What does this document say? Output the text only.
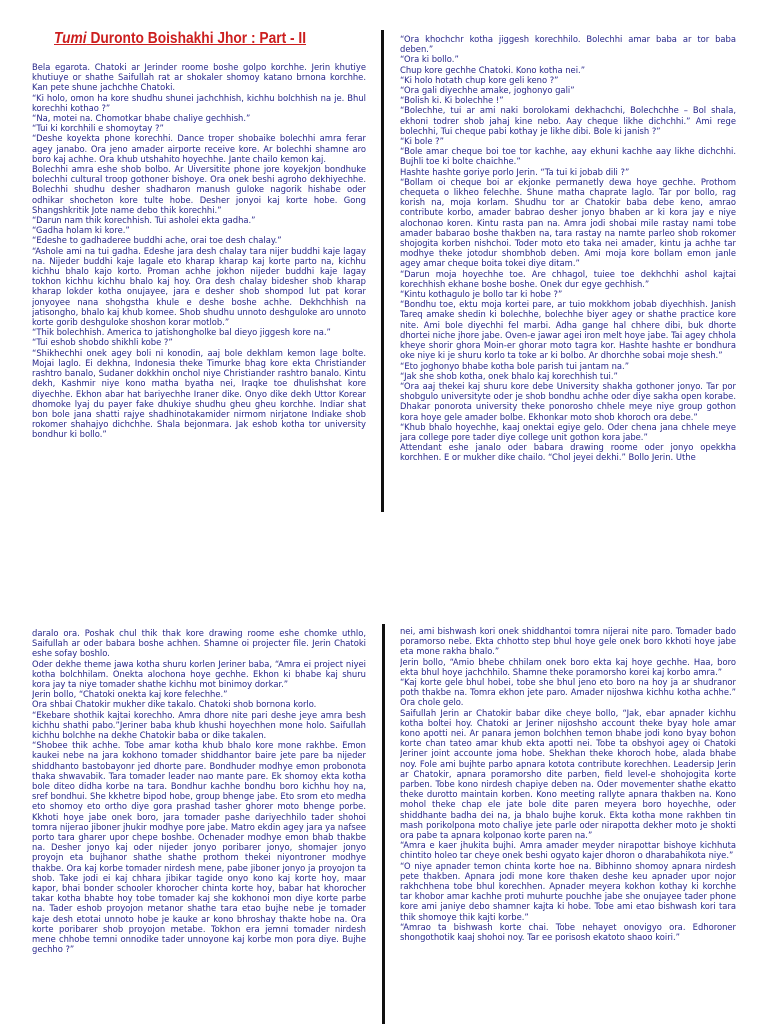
Tumi Duronto Boishakhi Jhor : Part - II

Bela egarota. Chatoki ar Jerinder roome boshe golpo korchhe. Jerin khutiye khutiuye or shathe Saifullah rat ar shokaler shomoy katano brnona korchhe. Kan pete shune jachchhe Chatoki.

“Ki holo, omon ha kore shudhu shunei jachchhish, kichhu bolchhish na je. Bhul korechhi kothao ?”

“Na, motei na. Chomotkar bhabe chaliye gechhish.”

“Tui ki korchhili e shomoytay ?”

“Deshe koyekta phone korechhi. Dance troper shobaike bolechhi amra ferar agey janabo. Ora jeno amader airporte receive kore. Ar bolechhi shamne aro boro kaj achhe. Ora khub utshahito hoyechhe. Jante chailo kemon kaj.

Bolechhi amra eshe shob bolbo. Ar Uiversitite phone jore koyekjon bondhuke bolechhi cultural troop gothoner bishoye. Ora onek beshi agroho dekhiyechhe. Bolechhi shudhu desher shadharon manush guloke nagorik hishabe oder odhikar shocheton kore tulte hobe. Desher jonyoi kaj korte hobe. Gong Shangshkritik Jote name debo thik korechhi.”

“Darun nam thik korechhish. Tui asholei ekta gadha.”

“Gadha holam ki kore.”

“Edeshe to gadhaderee buddhi ache, orai toe desh chalay.”

“Ashole ami na tui gadha. Edeshe jara desh chalay tara nijer buddhi kaje lagay na. Nijeder buddhi kaje lagale eto kharap kharap kaj korte parto na, kichhu kichhu bhalo kajo korto. Proman achhe jokhon nijeder buddhi kaje lagay tokhon kichhu kichhu bhalo kaj hoy. Ora desh chalay bidesher shob kharap kharap lokder kotha onujayee, jara e desher shob shompod lut pat korar jonyoyee nana shohgstha khule e deshe boshe achhe. Dekhchhish na jatisongho, bhalo kaj khub komee. Shob shudhu unnoto deshguloke aro unnoto korte gorib deshguloke shoshon korar motlob.”

“Thik bolechhish. America to jatishongholke bal dieyo jiggesh kore na.”

“Tui eshob shobdo shikhli kobe ?”

“Shikhechhi onek agey boli ni konodin, aaj bole dekhlam kemon lage bolte. Mojai laglo. Ei dekhna, Indonesia theke Timurke bhag kore ekta Christiander rashtro banalo, Sudaner dokkhin onchol niye Christiander rashtro banalo. Kintu dekh, Kashmir niye kono matha byatha nei, Iraqke toe dhulishshat kore diyechhe. Ekhon abar hat bariyechhe Iraner dike. Onyo dike dekh Uttor Korear dhomoke lyaj du payer fake dhukiye shudhu gheu gheu korchhe. Indiar shat bon bole jana shatti rajye shadhinotakamider nirmom nirjatone Indiake shob rokomer shahajyo dichchhe. Shala bejonmara. Jak eshob kotha tor university bondhur ki bollo.”

“Ora khochchr kotha jiggesh korechhilo. Bolechhi amar baba ar tor baba deben.”

“Ora ki bollo.”

Chup kore gechhe Chatoki. Kono kotha nei.”

“Ki holo hotath chup kore geli keno ?”

“Ora gali diyechhe amake, joghonyo gali”

“Bolish ki. Ki bolechhe !”

“Bolechhe, tui ar ami naki borolokami dekhachchi, Bolechchhe – Bol shala, ekhoni todrer shob jahaj kine nebo. Aay cheque likhe dichchhi.” Ami rege bolechhi, Tui cheque pabi kothay je likhe dibi. Bole ki janish ?”

“Ki bole ?”

“Bole amar cheque boi toe tor kachhe, aay ekhuni kachhe aay likhe dichchhi. Bujhli toe ki bolte chaichhe.”

Hashte hashte goriye porlo Jerin. “Ta tui ki jobab dili ?”

“Bollam oi cheque boi ar ekjonke permanetly dewa hoye gechhe. Prothom chequeta o likheo felechhe. Shune matha chaprate laglo. Tar por bollo, rag korish na, moja korlam. Shudhu tor ar Chatokir baba debe keno, amrao contribute korbo, amader babrao desher jonyo bhaben ar ki kora jay e niye alochonao koren. Kintu rasta pan na. Amra jodi shobai mile rastay nami tobe amader babarao boshe thakben na, tara rastay na namte parleo shob rokomer shojogita korben nishchoi. Toder moto eto taka nei amader, kintu ja achhe tar modhye theke jotodur shombhob deben. Ami moja kore bollam emon janle agey amar cheque boita tokei diye ditam.”

“Darun moja hoyechhe toe. Are chhagol, tuiee toe dekhchhi ashol kajtai korechhish ekhane boshe boshe. Onek dur egye gechhish.”

“Kintu kothagulo je bollo tar ki hobe ?”

“Bondhu toe, ektu moja kortei pare, ar tuio mokkhom jobab diyechhish. Janish Tareq amake shedin ki bolechhe, bolechhe biyer agey or shathe practice kore nite. Ami bole diyechhi fel marbi. Adha gange hal chhere dibi, buk dhorte dhortei niche jhore jabe. Oven-e jawar agei iron melt hoye jabe. Tai agey chhola kheye shorir ghora Moin-er ghorar moto tagra kor. Hashte hashte er bondhura oke niye ki je shuru korlo ta toke ar ki bolbo. Ar dhorchhe sobai moje shesh.”

“Eto joghonyo bhabe kotha bole parish tui jantam na.”

“Jak she shob kotha, onek bhalo kaj korechhish tui.”

“Ora aaj thekei kaj shuru kore debe University shakha gothoner jonyo. Tar por shobgulo universityte oder je shob bondhu achhe oder diye sakha open korabe. Dhakar ponorota university theke ponorosho chhele meye niye group gothon kora hoye gele amader bolbe. Ekhonkar moto shob khoroch ora debe.”

“Khub bhalo hoyechhe, kaaj onektai egiye gelo. Oder chena jana chhele meye jara college pore tader diye college unit gothon kora jabe.”

Attendant eshe janalo oder babara drawing roome oder jonyo opekkha korchhen. E or mukher dike chailo. “Chol jeyei dekhi.” Bollo Jerin. Uthe

daralo ora. Poshak chul thik thak kore drawing roome eshe chomke uthlo, Saifullah ar oder babara boshe achhen. Shamne oi projecter file. Jerin Chatoki eshe sofay boshlo.

Oder dekhe theme jawa kotha shuru korlen Jeriner baba, “Amra ei project niyei kotha bolchhilam. Onekta alochona hoye gechhe. Ekhon ki bhabe kaj shuru kora jay ta niye tomader shathe kichhu mot binimoy dorkar.”

Jerin bollo, “Chatoki onekta kaj kore felechhe.”

Ora shbai Chatokir mukher dike takalo. Chatoki shob bornona korlo.

“Ekebare shothik kajtai korechho. Amra dhore nite pari deshe jeye amra besh kichhu shathi pabo.”Jeriner baba khub khushi hoyechhen mone holo. Saifullah kichhu bolchhe na dekhe Chatokir baba or dike takalen.

“Shobee thik achhe. Tobe amar kotha khub bhalo kore mone rakhbe. Emon kaukei nebe na jara kokhono tomader shiddhantor baire jete pare ba nijeder shiddhanto bastobayonr jed dhorte pare. Bondhuder modhye emon probonota thaka shwavabik. Tara tomader leader nao mante pare. Ek shomoy ekta kotha bole diteo didha korbe na tara. Bondhur kachhe bondhu boro kichhu hoy na, sref bondhui. She kkhetre bipod hobe, group bhenge jabe. Eto srom eto medha eto shomoy eto ortho diye gora prashad tasher ghorer moto bhenge porbe. Kkhoti hoye jabe onek boro, jara tomader pashe dariyechhilo tader shohoi tomra nijerao jiboner jhukir modhye pore jabe. Matro ekdin agey jara ya nafsee porto tara gharer upor chepe boshbe. Ochenader modhye emon bhab thakbe na. Desher jonyo kaj oder nijeder jonyo poribarer jonyo, shomajer jonyo proyojn eta bujhanor shathe shathe prothom thekei niyontroner modhye thakbe. Ora kaj korbe tomader nirdesh mene, pabe jiboner jonyo ja proyojon ta shob. Take jodi ei kaj chhara jibikar tagide onyo kono kaj korte hoy, maar kapor, bhai bonder schooler khorocher chinta korte hoy, babar hat khorocher takar kotha bhabte hoy tobe tomader kaj she kokhonoi mon diye korte parbe na. Tader eshob proyojon metanor shathe tara etao bujhe nebe je tomader kaje desh etotai unnoto hobe je kauke ar kono bhroshay thakte hobe na. Ora korte poribarer shob proyojon metabe. Tokhon era jemni tomader nirdesh mene chhobe temni onnodike tader unnoyone kaj korbe mon pora diye. Bujhe gechho ?”

nei, ami bishwash kori onek shiddhantoi tomra nijerai nite paro. Tomader bado poramorso nebe. Ekta chhotto step bhul hoye gele onek boro kkhoti hoye jabe eta mone rakha bhalo.”

Jerin bollo, “Amio bhebe chhilam onek boro ekta kaj hoye gechhe. Haa, boro ekta bhul hoye jachchhilo. Shamne theke poramorsho korei kaj korbo amra.”

“Kaj korte gele bhul hobei, tobe she bhul jeno eto boro na hoy ja ar shudranor poth thakbe na. Tomra ekhon jete paro. Amader nijoshwa kichhu kotha achhe.” Ora chole gelo.

Saifullah Jerin ar Chatokir babar dike cheye bollo, “Jak, ebar apnader kichhu kotha boltei hoy. Chatoki ar Jeriner nijoshsho account theke byay hole amar kono apotti nei. Ar panara jemon bolchhen temon bhabe jodi kono byay bohon korte chan tateo amar khub ekta apotti nei. Tobe ta obshyoi agey oi Chatoki Jeriner joint accounte joma hobe. Shekhan theke khoroch hobe, alada bhabe noy. Fole ami bujhte parbo apnara kotota contribute korechhen. Leadersip Jerin ar Chatokir, apnara poramorsho dite parben, field level-e shohojogita korte parben. Tobe kono nirdesh chapiye deben na. Oder movementer shathe ekatto theke durotto maintain korben. Kono meeting rallyte apnara thakben na. Kono mohol theke chap ele jate bole dite paren meyera boro hoyechhe, oder shiddhante badha dei na, ja bhalo bujhe koruk. Ekta kotha mone rakhben tin mash porikolpona moto chaliye jete parle oder nirapotta dekher moto je shokti ora pabe ta apnara kolponao korte paren na.”

“Amra e kaer jhukita bujhi. Amra amader meyder nirapottar bishoye kichhuta chintito holeo tar cheye onek beshi ogyato kajer dhoron o dharabahikota niye.”

“O niye apnader temon chinta korte hoe na. Bibhinno shomoy apnara nirdesh pete thakben. Apnara jodi mone kore thaken deshe keu apnader upor nojor rakhchhena tobe bhul korechhen. Apnader meyera kokhon kothay ki korchhe tar khobor amar kachhe proti muhurte pouchhe jabe she onujayee tader phone kore ami janiye debo shamner kajta ki hobe. Tobe ami etao bishwash kori tara thik shomoye thik kajti korbe.”

“Amrao ta bishwash korte chai. Tobe nehayet onovigyo ora. Edhoroner shongothotik kaaj shohoi noy. Tar ee porisosh ekatoto shaoo koiri.”
